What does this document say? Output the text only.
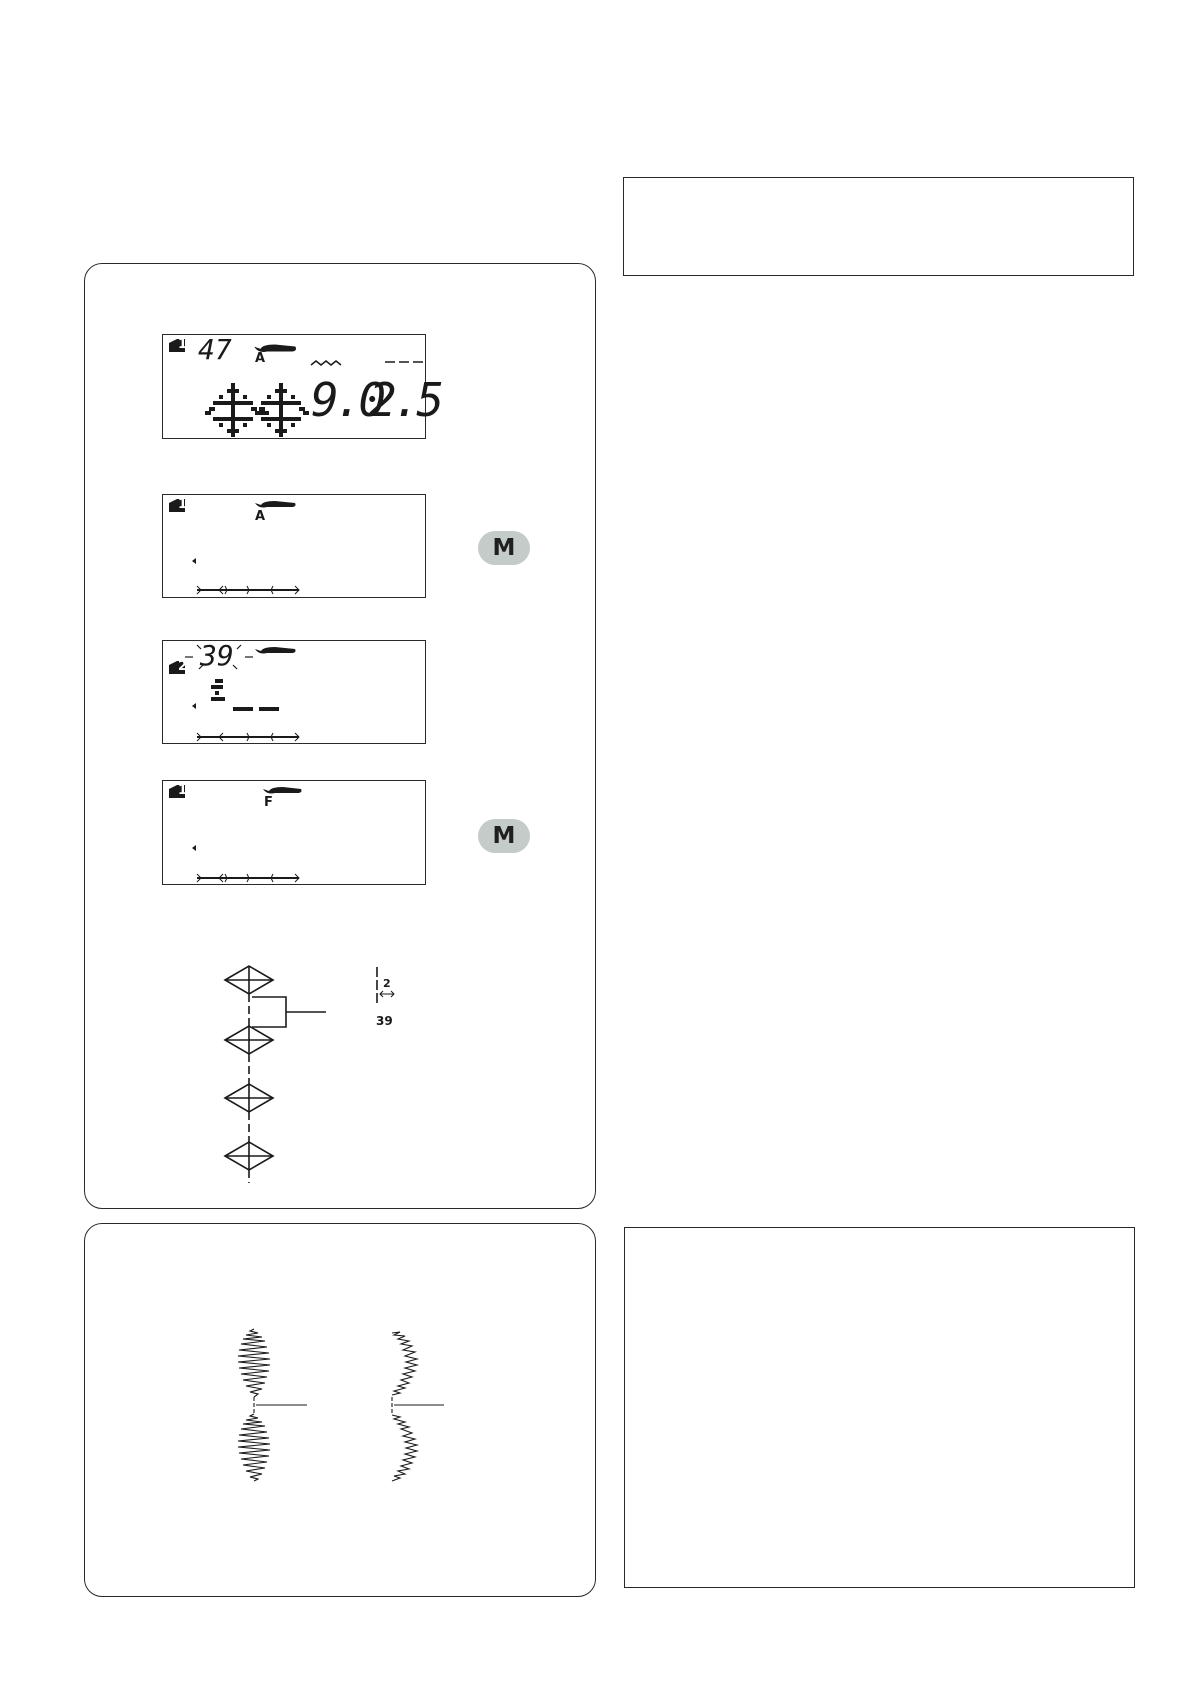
1 47 A
9.0
2.5
1
A
M
2 39
1
F
M
2
39
